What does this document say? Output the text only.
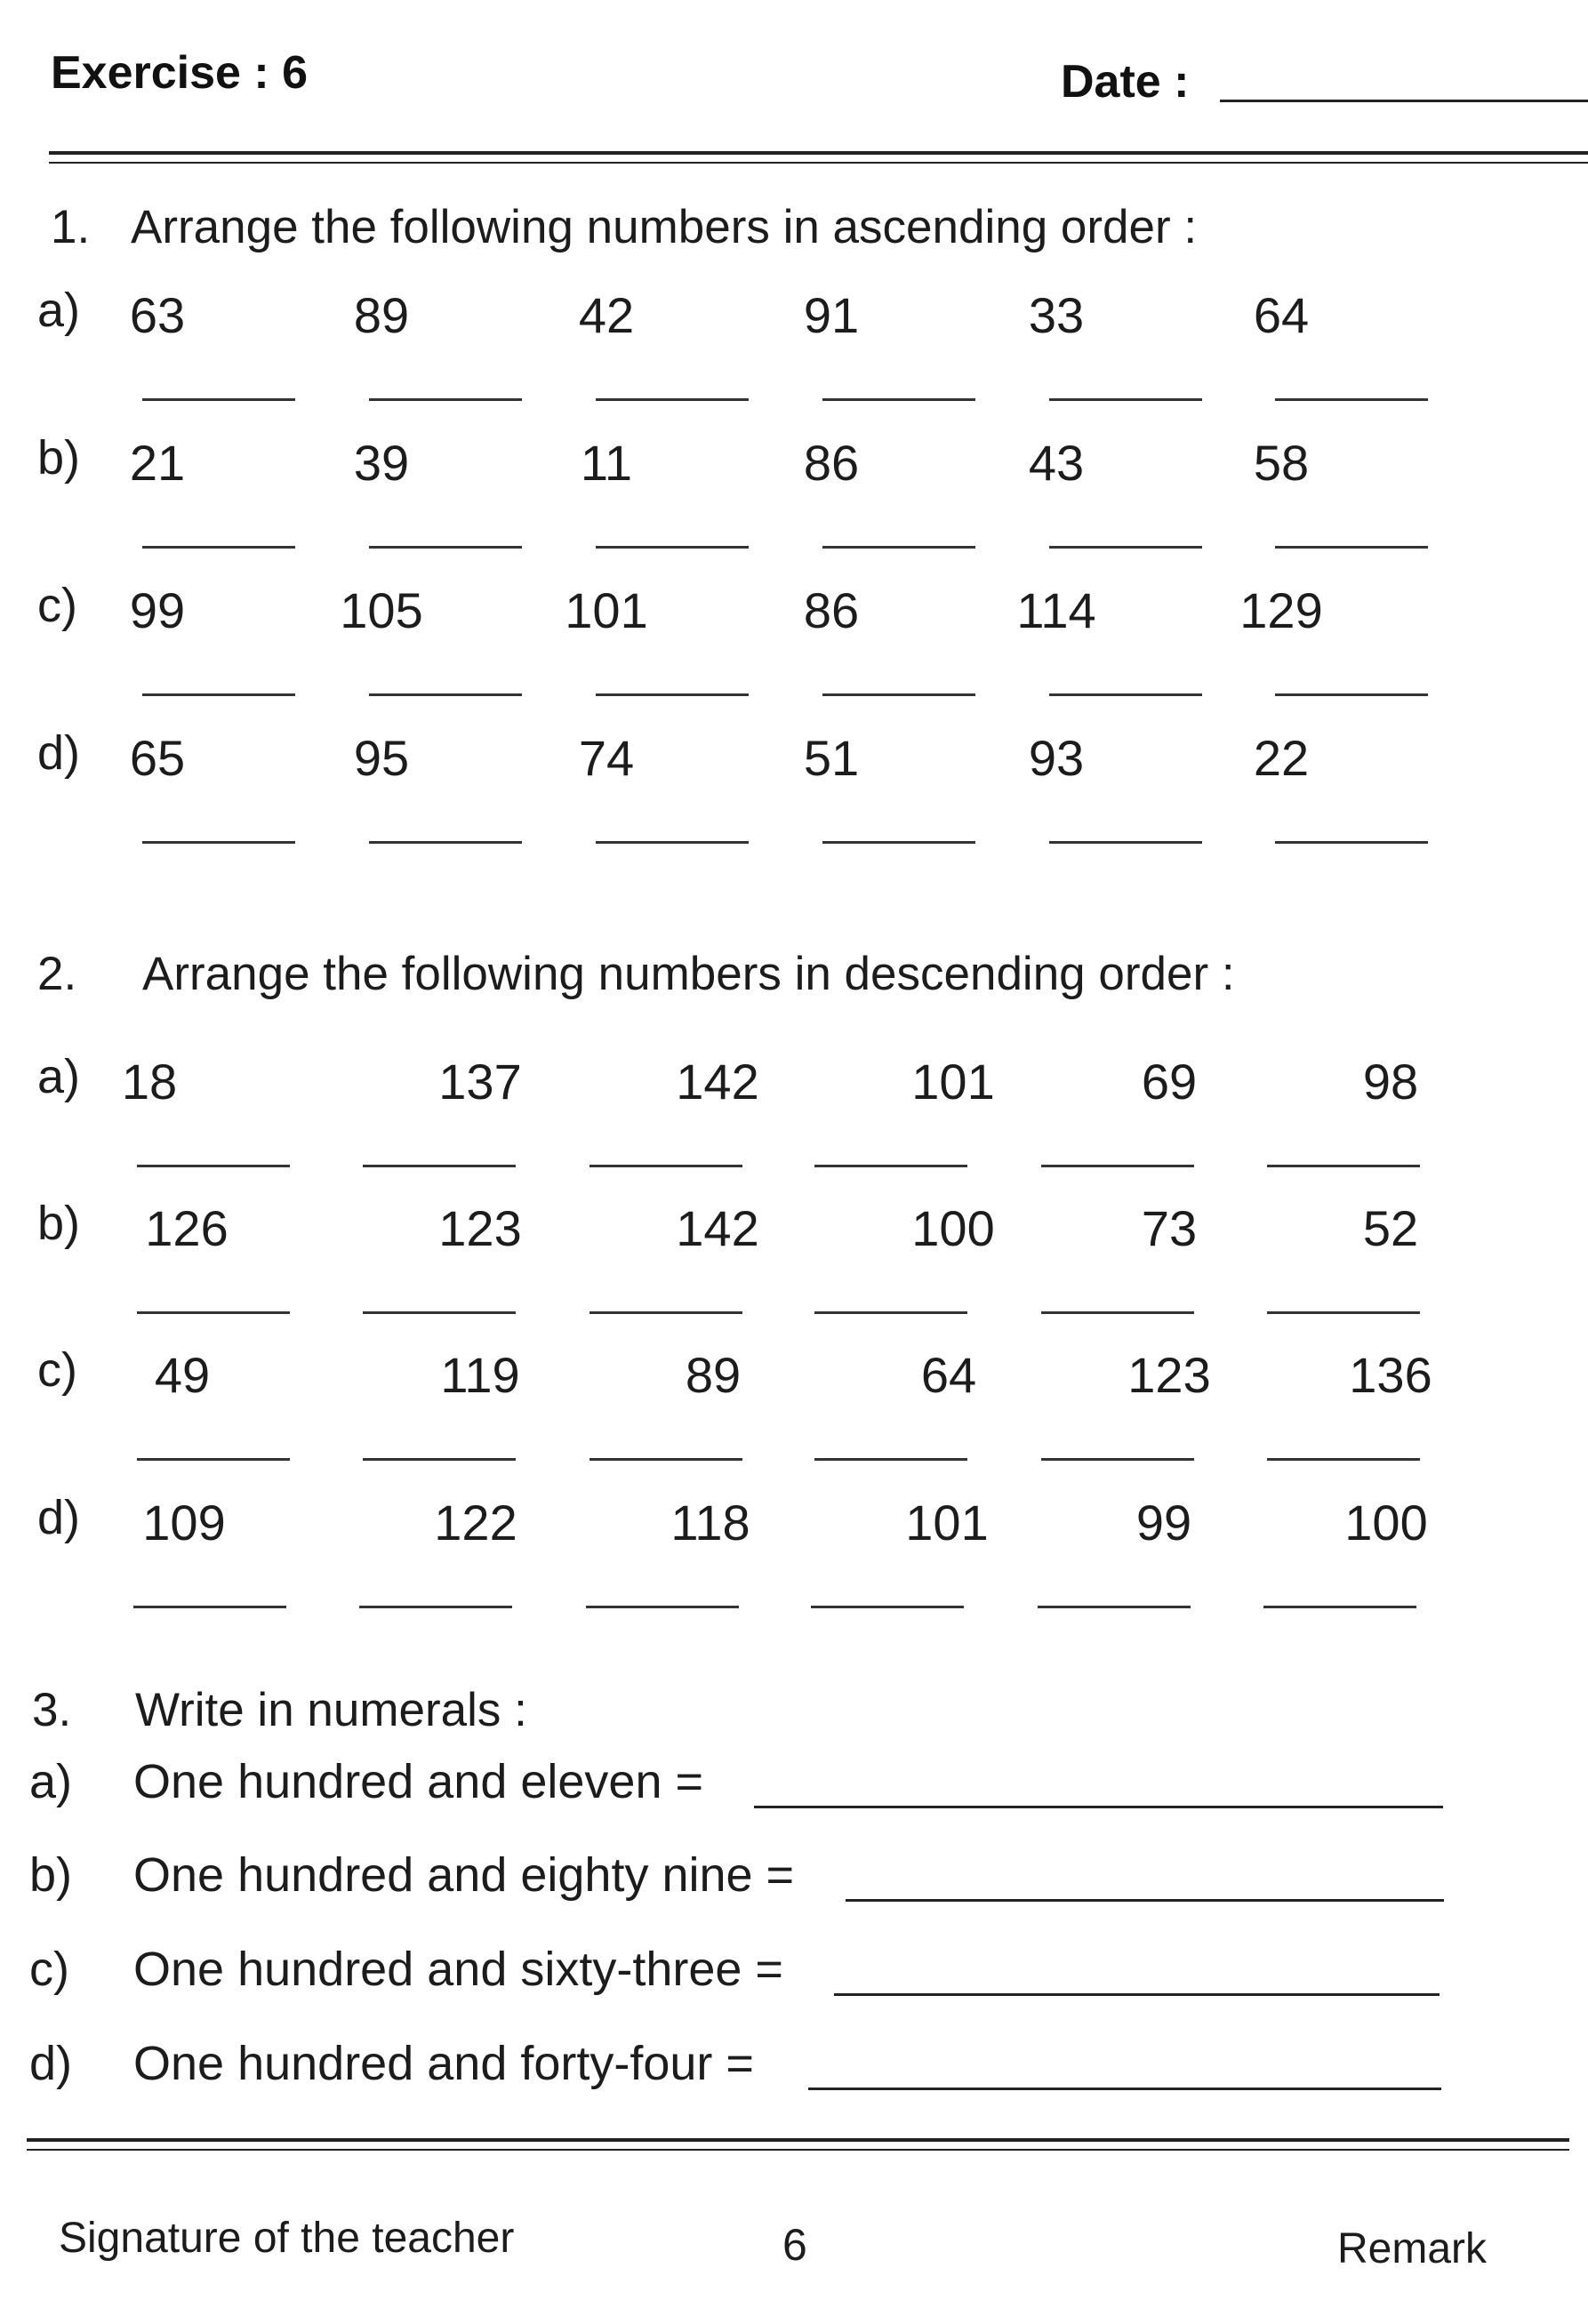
Exercise : 6	Date :
1. Arrange the following numbers in ascending order :
a) 63	89	42	91	33	64
b) 21	39	11	86	43	58
c)	99	105	101	86	114	129
d) 65	95	74	51	93	22
2. Arrange the following numbers in descending order :
a) 18	137	142	101	69	98
b)	126	123	142	100	73	52
c)	49	119	89	64	123	136
d)	109	122	118	101	99	100
3. Write in numerals :
a) One hundred and eleven =
b) One hundred and eighty nine =
c) One hundred and sixty-three =
d) One hundred and forty-four =
Signature of the teacher	6	Remark
